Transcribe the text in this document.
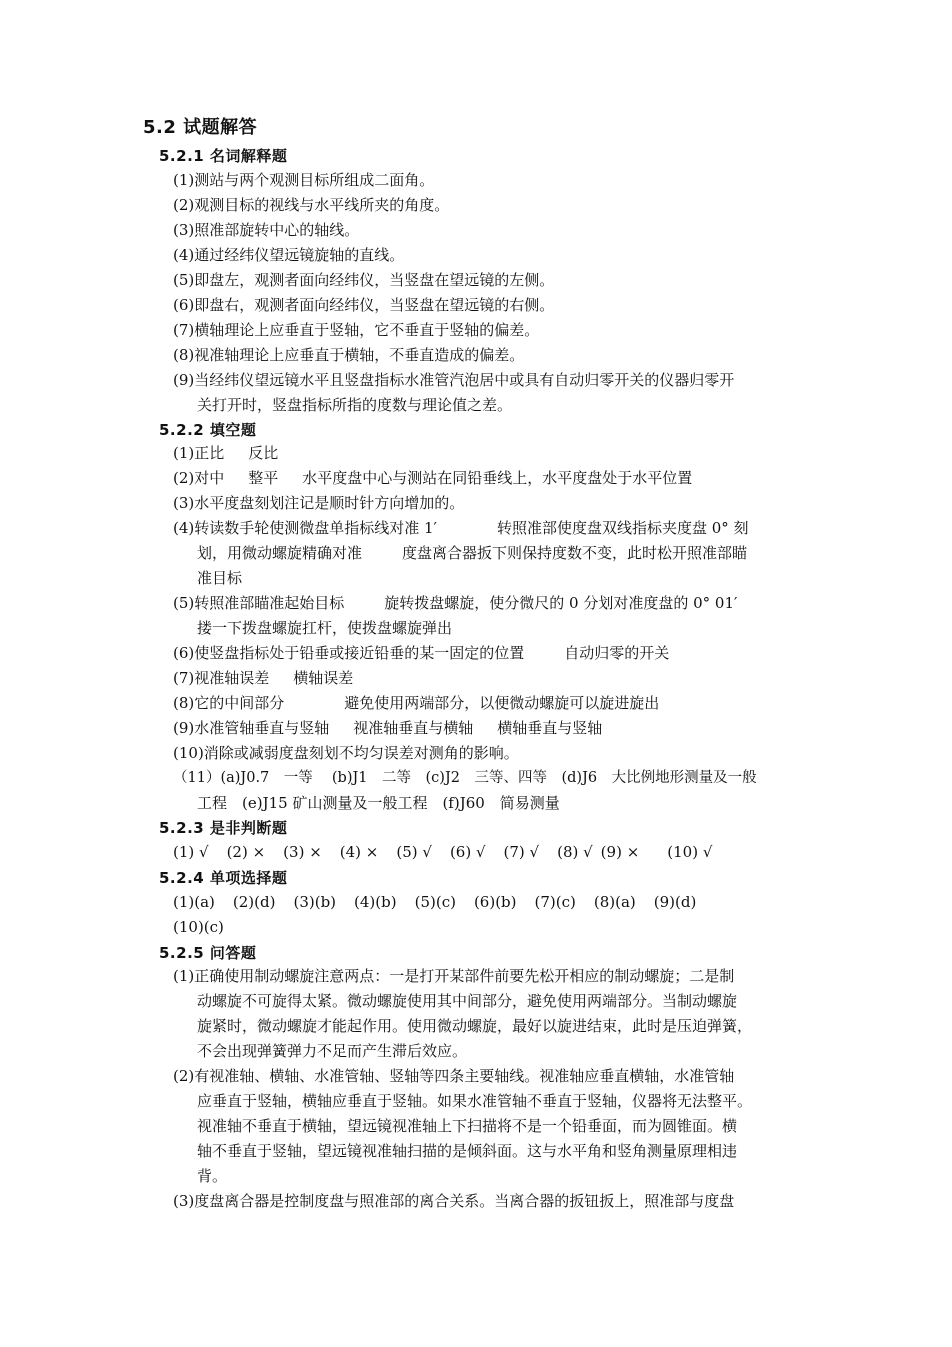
5.2 试题解答
5.2.1 名词解释题
(1)测站与两个观测目标所组成二面角。
(2)观测目标的视线与水平线所夹的角度。
(3)照准部旋转中心的轴线。
(4)通过经纬仪望远镜旋轴的直线。
(5)即盘左，观测者面向经纬仪，当竖盘在望远镜的左侧。
(6)即盘右，观测者面向经纬仪，当竖盘在望远镜的右侧。
(7)横轴理论上应垂直于竖轴，它不垂直于竖轴的偏差。
(8)视准轴理论上应垂直于横轴，不垂直造成的偏差。
(9)当经纬仪望远镜水平且竖盘指标水准管汽泡居中或具有自动归零开关的仪器归零开
关打开时，竖盘指标所指的度数与理论值之差。
5.2.2 填空题
(1)正比 反比
(2)对中 整平 水平度盘中心与测站在同铅垂线上，水平度盘处于水平位置
(3)水平度盘刻划注记是顺时针方向增加的。
(4)转读数手轮使测微盘单指标线对准 1′	转照准部使度盘双线指标夹度盘 0° 刻
划，用微动螺旋精确对准	度盘离合器扳下则保持度数不变，此时松开照准部瞄
准目标
(5)转照准部瞄准起始目标	旋转拨盘螺旋，使分微尺的 0 分划对准度盘的 0° 01′
搂一下拨盘螺旋扛杆，使拨盘螺旋弹出
(6)使竖盘指标处于铅垂或接近铅垂的某一固定的位置	自动归零的开关
(7)视准轴误差 横轴误差
(8)它的中间部分	避免使用两端部分，以便微动螺旋可以旋进旋出
(9)水准管轴垂直与竖轴 视准轴垂直与横轴 横轴垂直与竖轴
(10)消除或减弱度盘刻划不均匀误差对测角的影响。
（11）(a)J0.7　一等　 (b)J1　二等　(c)J2　三等、四等　(d)J6　大比例地形测量及一般
工程　(e)J15 矿山测量及一般工程　(f)J60　简易测量
5.2.3 是非判断题
(1) √ (2) × (3) × (4) × (5) √ (6) √ (7) √ (8) √ (9) × (10) √
5.2.4 单项选择题
(1)(a) (2)(d) (3)(b) (4)(b) (5)(c) (6)(b) (7)(c) (8)(a) (9)(d)
(10)(c)
5.2.5 问答题
(1)正确使用制动螺旋注意两点：一是打开某部件前要先松开相应的制动螺旋；二是制
动螺旋不可旋得太紧。微动螺旋使用其中间部分，避免使用两端部分。当制动螺旋
旋紧时，微动螺旋才能起作用。使用微动螺旋，最好以旋进结束，此时是压迫弹簧，
不会出现弹簧弹力不足而产生滞后效应。
(2)有视准轴、横轴、水准管轴、竖轴等四条主要轴线。视准轴应垂直横轴，水准管轴
应垂直于竖轴，横轴应垂直于竖轴。如果水准管轴不垂直于竖轴，仪器将无法整平。
视准轴不垂直于横轴，望远镜视准轴上下扫描将不是一个铅垂面，而为圆锥面。横
轴不垂直于竖轴，望远镜视准轴扫描的是倾斜面。这与水平角和竖角测量原理相违
背。
(3)度盘离合器是控制度盘与照准部的离合关系。当离合器的扳钮扳上，照准部与度盘
